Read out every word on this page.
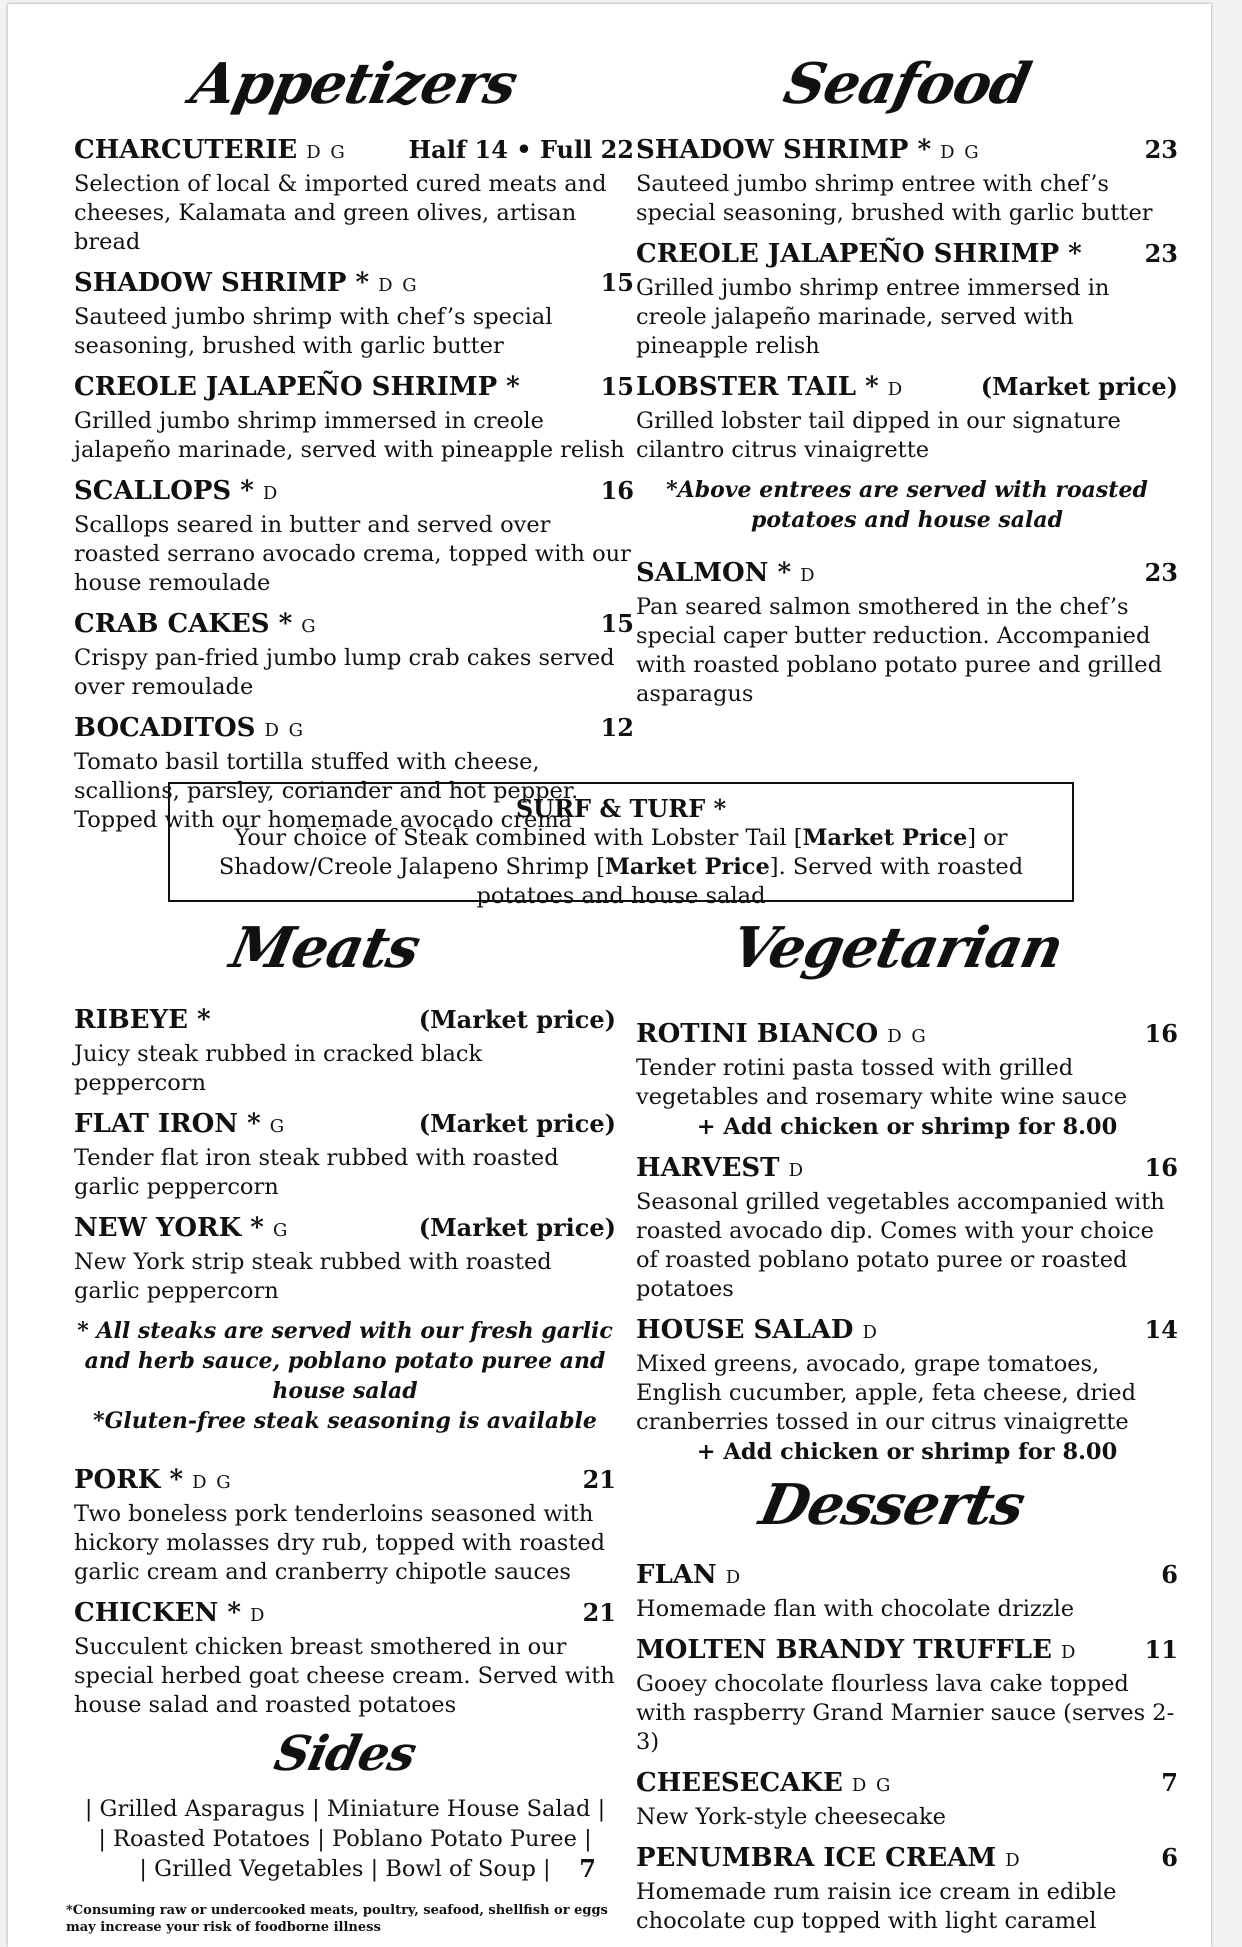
Appetizers
CHARCUTERIE D G	Half 14 • Full 22
Selection of local & imported cured meats and cheeses, Kalamata and green olives, artisan bread
SHADOW SHRIMP * D G	15
Sauteed jumbo shrimp with chef’s special seasoning, brushed with garlic butter
CREOLE JALAPEÑO SHRIMP *	15
Grilled jumbo shrimp immersed in creole jalapeño marinade, served with pineapple relish
SCALLOPS * D	16
Scallops seared in butter and served over roasted serrano avocado crema, topped with our house remoulade
CRAB CAKES * G	15
Crispy pan-fried jumbo lump crab cakes served over remoulade
BOCADITOS D G	12
Tomato basil tortilla stuffed with cheese, scallions, parsley, coriander and hot pepper. Topped with our homemade avocado crema
Seafood
SHADOW SHRIMP * D G	23
Sauteed jumbo shrimp entree with chef’s special seasoning, brushed with garlic butter
CREOLE JALAPEÑO SHRIMP *	23
Grilled jumbo shrimp entree immersed in creole jalapeño marinade, served with pineapple relish
LOBSTER TAIL * D	(Market price)
Grilled lobster tail dipped in our signature cilantro citrus vinaigrette
*Above entrees are served with roasted potatoes and house salad
SALMON * D	23
Pan seared salmon smothered in the chef’s special caper butter reduction. Accompanied with roasted poblano potato puree and grilled asparagus
SURF & TURF *
Your choice of Steak combined with Lobster Tail [Market Price] or Shadow/Creole Jalapeno Shrimp [Market Price]. Served with roasted potatoes and house salad
Meats
RIBEYE *	(Market price)
Juicy steak rubbed in cracked black peppercorn
FLAT IRON * G	(Market price)
Tender flat iron steak rubbed with roasted garlic peppercorn
NEW YORK * G	(Market price)
New York strip steak rubbed with roasted garlic peppercorn
* All steaks are served with our fresh garlic and herb sauce, poblano potato puree and house salad
*Gluten-free steak seasoning is available
PORK * D G	21
Two boneless pork tenderloins seasoned with hickory molasses dry rub, topped with roasted garlic cream and cranberry chipotle sauces
CHICKEN * D	21
Succulent chicken breast smothered in our special herbed goat cheese cream. Served with house salad and roasted potatoes
Sides
| Grilled Asparagus | Miniature House Salad |
| Roasted Potatoes | Poblano Potato Puree |
| Grilled Vegetables | Bowl of Soup |	7
*Consuming raw or undercooked meats, poultry, seafood, shellfish or eggs may increase your risk of foodborne illness
Vegetarian
ROTINI BIANCO D G	16
Tender rotini pasta tossed with grilled vegetables and rosemary white wine sauce
+ Add chicken or shrimp for 8.00
HARVEST D	16
Seasonal grilled vegetables accompanied with roasted avocado dip. Comes with your choice of roasted poblano potato puree or roasted potatoes
HOUSE SALAD D	14
Mixed greens, avocado, grape tomatoes, English cucumber, apple, feta cheese, dried cranberries tossed in our citrus vinaigrette
+ Add chicken or shrimp for 8.00
Desserts
FLAN D	6
Homemade flan with chocolate drizzle
MOLTEN BRANDY TRUFFLE D	11
Gooey chocolate flourless lava cake topped with raspberry Grand Marnier sauce (serves 2-3)
CHEESECAKE D G	7
New York-style cheesecake
PENUMBRA ICE CREAM D	6
Homemade rum raisin ice cream in edible chocolate cup topped with light caramel
